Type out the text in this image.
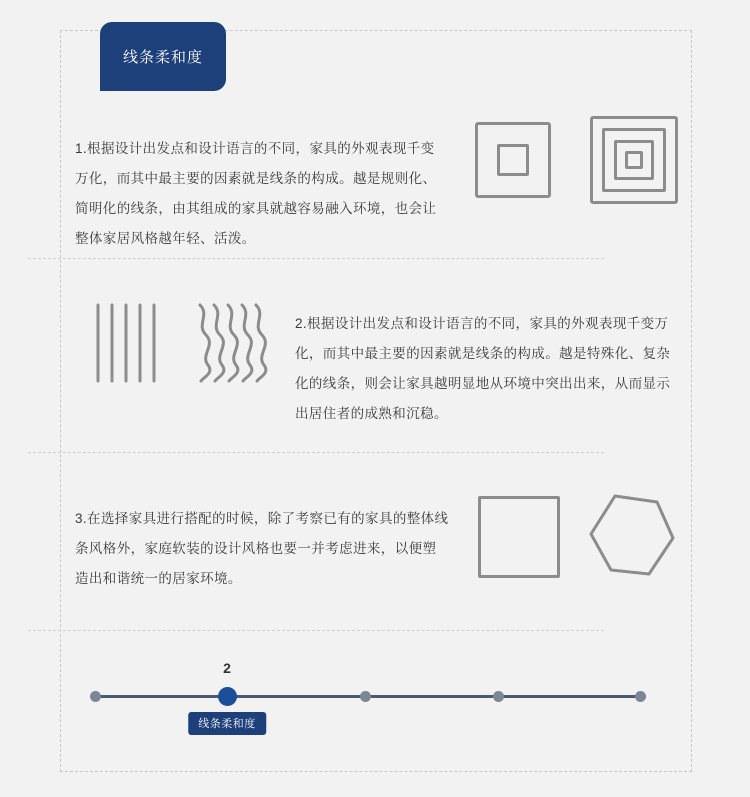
线条柔和度

1.根据设计出发点和设计语言的不同，家具的外观表现千变万化，而其中最主要的因素就是线条的构成。越是规则化、简明化的线条，由其组成的家具就越容易融入环境，也会让整体家居风格越年轻、活泼。

2.根据设计出发点和设计语言的不同，家具的外观表现千变万化，而其中最主要的因素就是线条的构成。越是特殊化、复杂化的线条，则会让家具越明显地从环境中突出出来，从而显示出居住者的成熟和沉稳。

3.在选择家具进行搭配的时候，除了考察已有的家具的整体线条风格外，家庭软装的设计风格也要一并考虑进来，以便塑造出和谐统一的居家环境。

2
线条柔和度
